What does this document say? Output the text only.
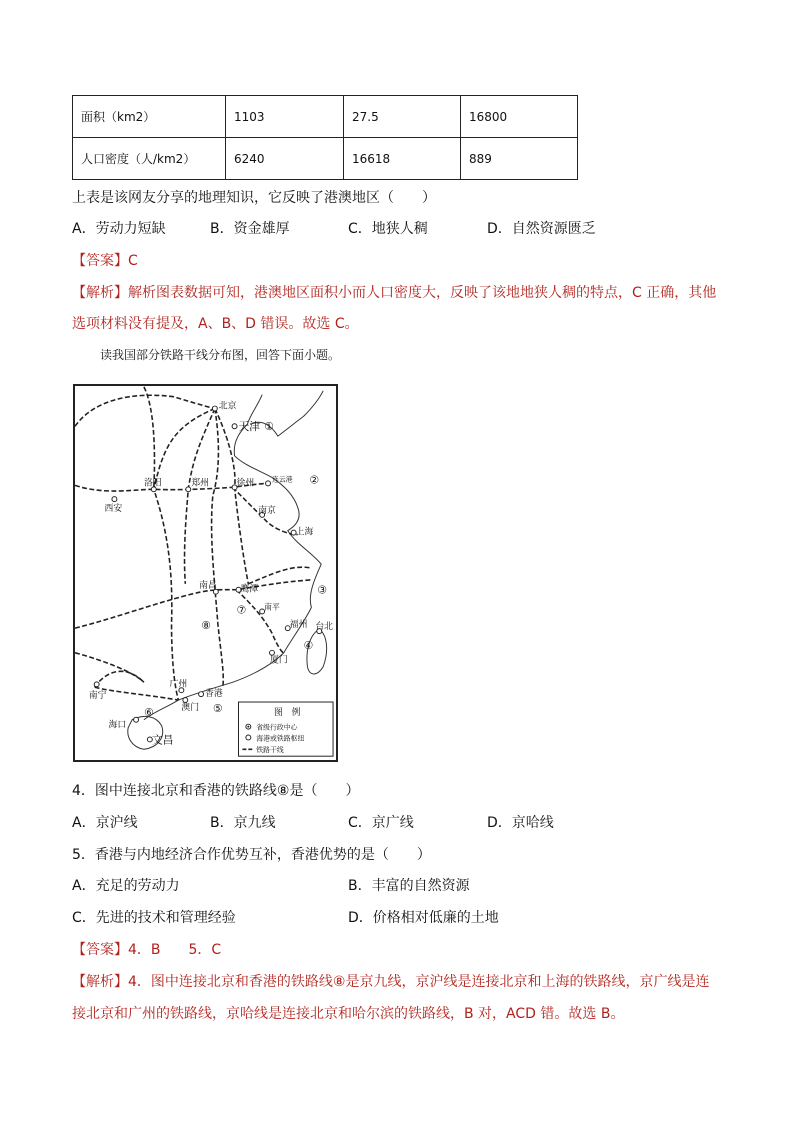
面积（km2）	1103	27.5	16800
人口密度（人/km2）	6240	16618	889
上表是该网友分享的地理知识，它反映了港澳地区（　　）
A．劳动力短缺	B．资金雄厚	C．地狭人稠	D．自然资源匮乏
【答案】C
【解析】解析图表数据可知，港澳地区面积小而人口密度大，反映了该地地狭人稠的特点，C 正确，其他
选项材料没有提及，A、B、D 错误。故选 C。
读我国部分铁路干线分布图，回答下面小题。
北京
天津
洛阳	郑州	徐州	连云港
西安	南京
上海
南昌	鹰潭
南平
福州 台北
厦门
广州
香港
澳门
南宁
海口
文昌
①
②
③
④
⑤
⑥
⑦
⑧
图　例
省级行政中心
海港或铁路枢纽
铁路干线
4．图中连接北京和香港的铁路线⑧是（　　）
A．京沪线	B．京九线	C．京广线	D．京哈线
5．香港与内地经济合作优势互补，香港优势的是（　　）
A．充足的劳动力	B．丰富的自然资源
C．先进的技术和管理经验	D．价格相对低廉的土地
【答案】4．B　　5．C
【解析】4．图中连接北京和香港的铁路线⑧是京九线，京沪线是连接北京和上海的铁路线，京广线是连
接北京和广州的铁路线，京哈线是连接北京和哈尔滨的铁路线，B 对，ACD 错。故选 B。
